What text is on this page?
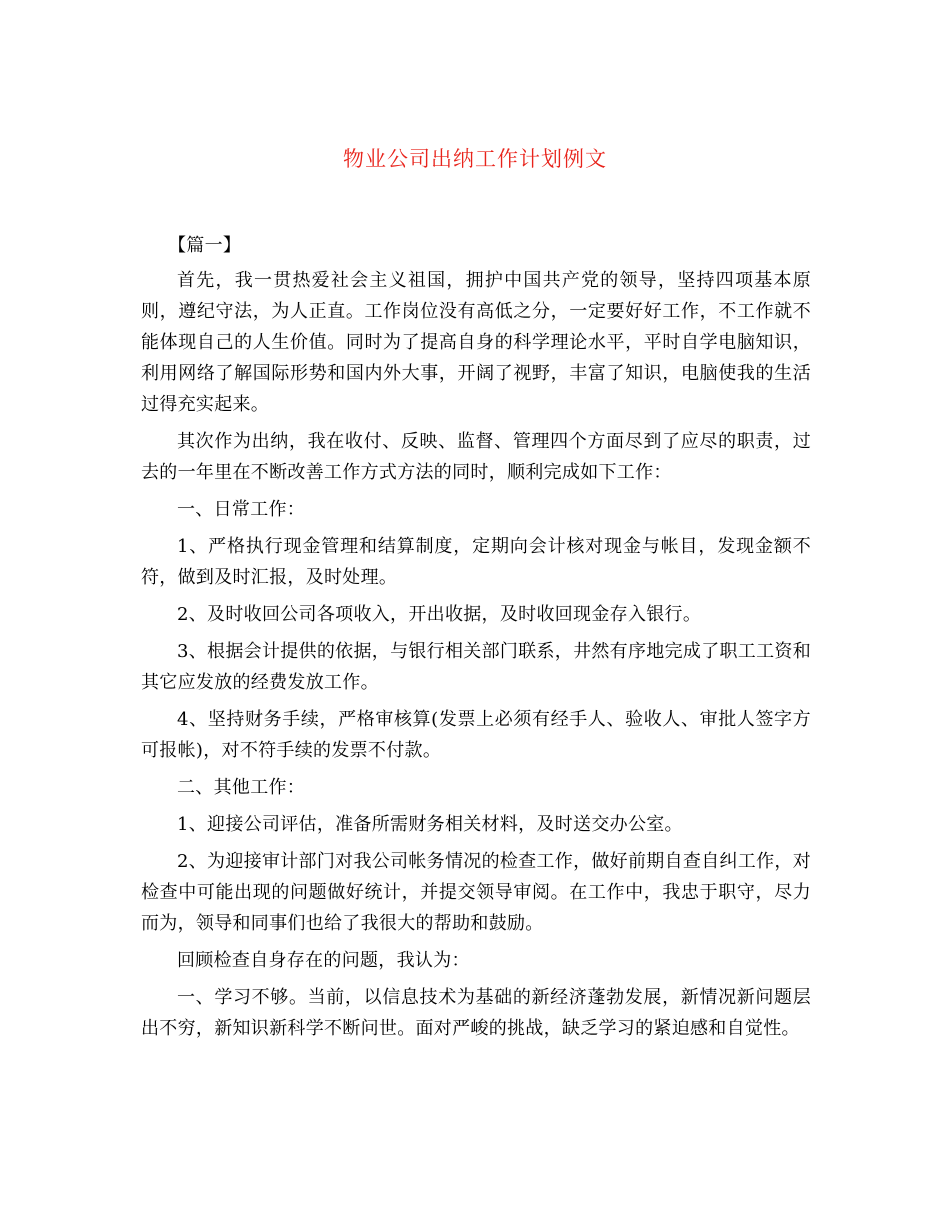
物业公司出纳工作计划例文

【篇一】

首先，我一贯热爱社会主义祖国，拥护中国共产党的领导，坚持四项基本原则，遵纪守法，为人正直。工作岗位没有高低之分，一定要好好工作，不工作就不能体现自己的人生价值。同时为了提高自身的科学理论水平，平时自学电脑知识，利用网络了解国际形势和国内外大事，开阔了视野，丰富了知识，电脑使我的生活过得充实起来。

其次作为出纳，我在收付、反映、监督、管理四个方面尽到了应尽的职责，过去的一年里在不断改善工作方式方法的同时，顺利完成如下工作：

一、日常工作：

1、严格执行现金管理和结算制度，定期向会计核对现金与帐目，发现金额不符，做到及时汇报，及时处理。

2、及时收回公司各项收入，开出收据，及时收回现金存入银行。

3、根据会计提供的依据，与银行相关部门联系，井然有序地完成了职工工资和其它应发放的经费发放工作。

4、坚持财务手续，严格审核算(发票上必须有经手人、验收人、审批人签字方可报帐)，对不符手续的发票不付款。

二、其他工作：

1、迎接公司评估，准备所需财务相关材料，及时送交办公室。

2、为迎接审计部门对我公司帐务情况的检查工作，做好前期自查自纠工作，对检查中可能出现的问题做好统计，并提交领导审阅。在工作中，我忠于职守，尽力而为，领导和同事们也给了我很大的帮助和鼓励。

回顾检查自身存在的问题，我认为：

一、学习不够。当前，以信息技术为基础的新经济蓬勃发展，新情况新问题层出不穷，新知识新科学不断问世。面对严峻的挑战，缺乏学习的紧迫感和自觉性。
